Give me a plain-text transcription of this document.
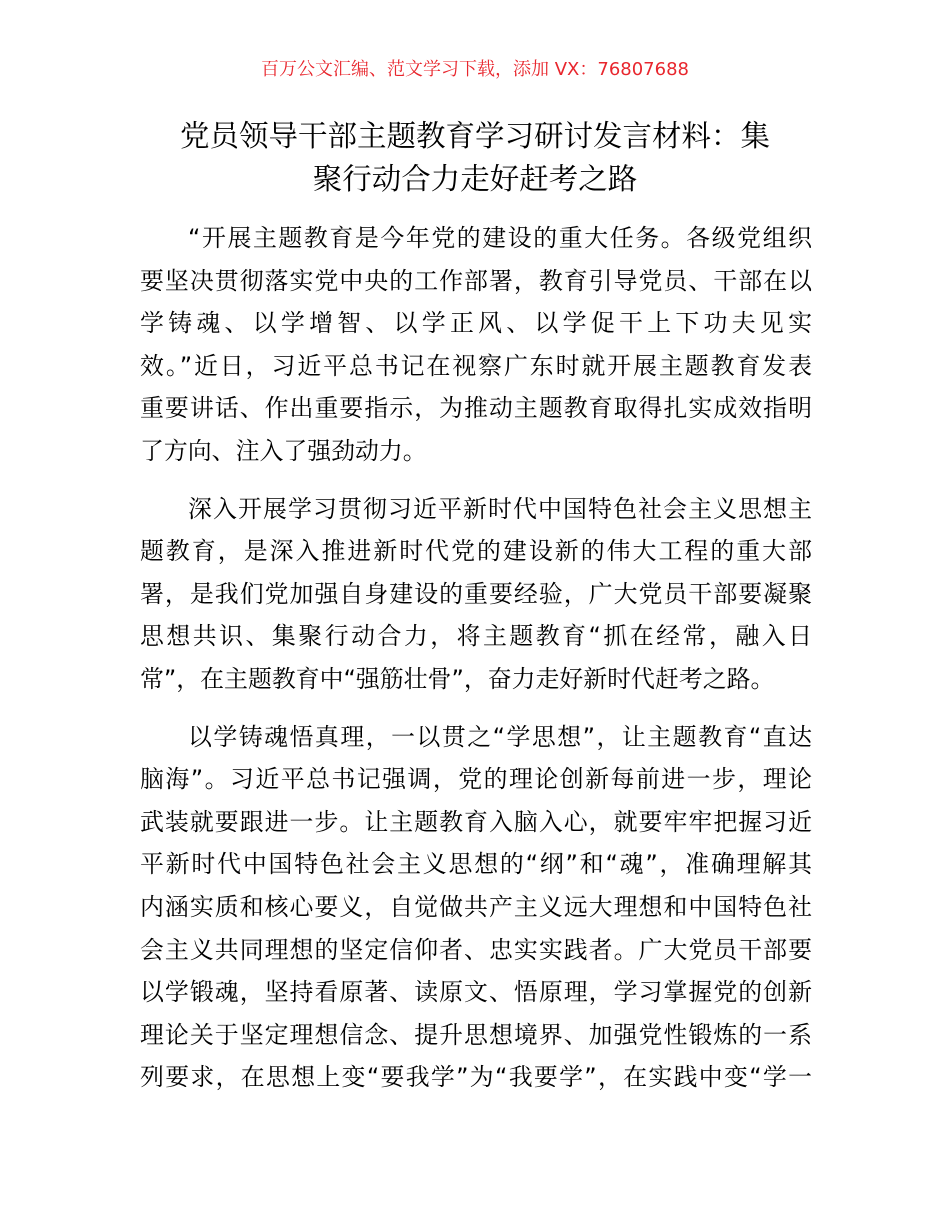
百万公文汇编、范文学习下载，添加 VX：76807688
党员领导干部主题教育学习研讨发言材料：集
聚行动合力走好赶考之路
“开展主题教育是今年党的建设的重大任务。各级党组织
要坚决贯彻落实党中央的工作部署，教育引导党员、干部在以
学铸魂、以学增智、以学正风、以学促干上下功夫见实
效。”近日，习近平总书记在视察广东时就开展主题教育发表
重要讲话、作出重要指示，为推动主题教育取得扎实成效指明
了方向、注入了强劲动力。
深入开展学习贯彻习近平新时代中国特色社会主义思想主
题教育，是深入推进新时代党的建设新的伟大工程的重大部
署，是我们党加强自身建设的重要经验，广大党员干部要凝聚
思想共识、集聚行动合力，将主题教育“抓在经常，融入日
常”，在主题教育中“强筋壮骨”，奋力走好新时代赶考之路。
以学铸魂悟真理，一以贯之“学思想”，让主题教育“直达
脑海”。习近平总书记强调，党的理论创新每前进一步，理论
武装就要跟进一步。让主题教育入脑入心，就要牢牢把握习近
平新时代中国特色社会主义思想的“纲”和“魂”，准确理解其
内涵实质和核心要义，自觉做共产主义远大理想和中国特色社
会主义共同理想的坚定信仰者、忠实实践者。广大党员干部要
以学锻魂，坚持看原著、读原文、悟原理，学习掌握党的创新
理论关于坚定理想信念、提升思想境界、加强党性锻炼的一系
列要求，在思想上变“要我学”为“我要学”，在实践中变“学一
